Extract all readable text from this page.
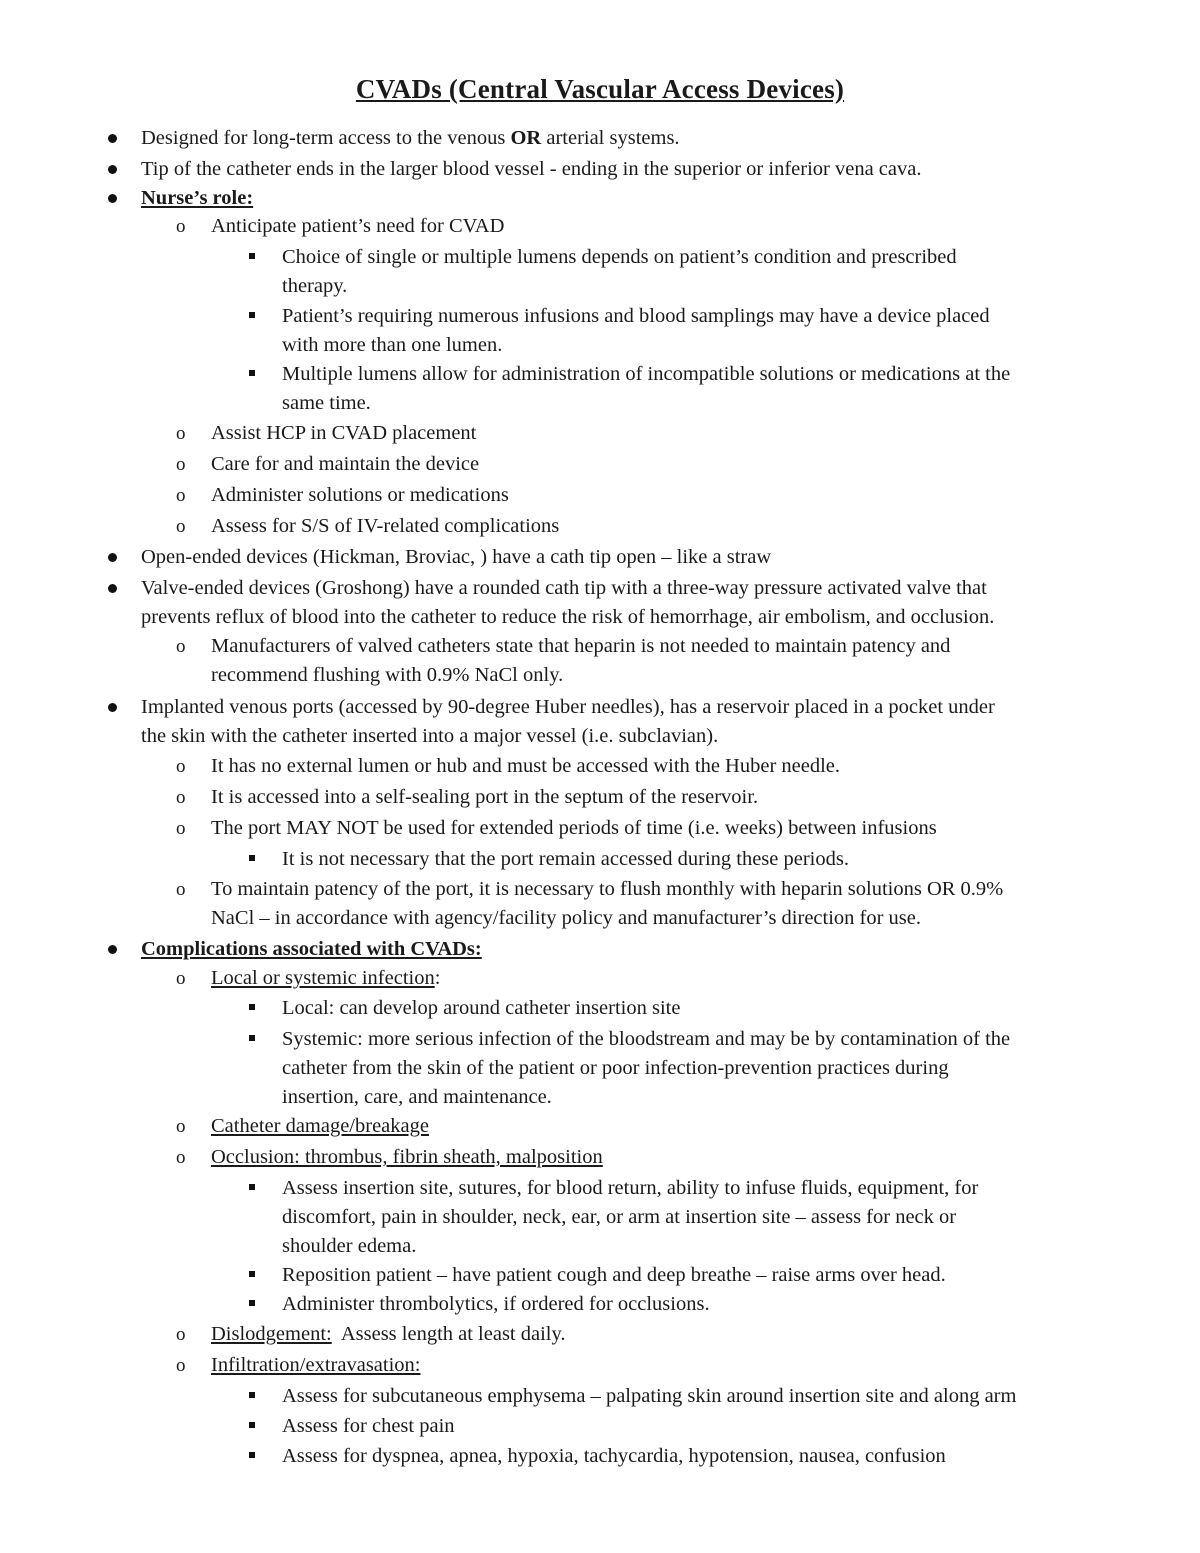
CVADs (Central Vascular Access Devices)
Designed for long-term access to the venous OR arterial systems.
Tip of the catheter ends in the larger blood vessel - ending in the superior or inferior vena cava.
Nurse’s role:
o Anticipate patient’s need for CVAD
Choice of single or multiple lumens depends on patient’s condition and prescribed
therapy.
Patient’s requiring numerous infusions and blood samplings may have a device placed
with more than one lumen.
Multiple lumens allow for administration of incompatible solutions or medications at the
same time.
o Assist HCP in CVAD placement
o Care for and maintain the device
o Administer solutions or medications
o Assess for S/S of IV-related complications
Open-ended devices (Hickman, Broviac, ) have a cath tip open – like a straw
Valve-ended devices (Groshong) have a rounded cath tip with a three-way pressure activated valve that
prevents reflux of blood into the catheter to reduce the risk of hemorrhage, air embolism, and occlusion.
o Manufacturers of valved catheters state that heparin is not needed to maintain patency and
recommend flushing with 0.9% NaCl only.
Implanted venous ports (accessed by 90-degree Huber needles), has a reservoir placed in a pocket under
the skin with the catheter inserted into a major vessel (i.e. subclavian).
o It has no external lumen or hub and must be accessed with the Huber needle.
o It is accessed into a self-sealing port in the septum of the reservoir.
o The port MAY NOT be used for extended periods of time (i.e. weeks) between infusions
It is not necessary that the port remain accessed during these periods.
o To maintain patency of the port, it is necessary to flush monthly with heparin solutions OR 0.9%
NaCl – in accordance with agency/facility policy and manufacturer’s direction for use.
Complications associated with CVADs:
o Local or systemic infection:
Local: can develop around catheter insertion site
Systemic: more serious infection of the bloodstream and may be by contamination of the
catheter from the skin of the patient or poor infection-prevention practices during
insertion, care, and maintenance.
o Catheter damage/breakage
o Occlusion: thrombus, fibrin sheath, malposition
Assess insertion site, sutures, for blood return, ability to infuse fluids, equipment, for
discomfort, pain in shoulder, neck, ear, or arm at insertion site – assess for neck or
shoulder edema.
Reposition patient – have patient cough and deep breathe – raise arms over head.
Administer thrombolytics, if ordered for occlusions.
o Dislodgement:  Assess length at least daily.
o Infiltration/extravasation:
Assess for subcutaneous emphysema – palpating skin around insertion site and along arm
Assess for chest pain
Assess for dyspnea, apnea, hypoxia, tachycardia, hypotension, nausea, confusion
